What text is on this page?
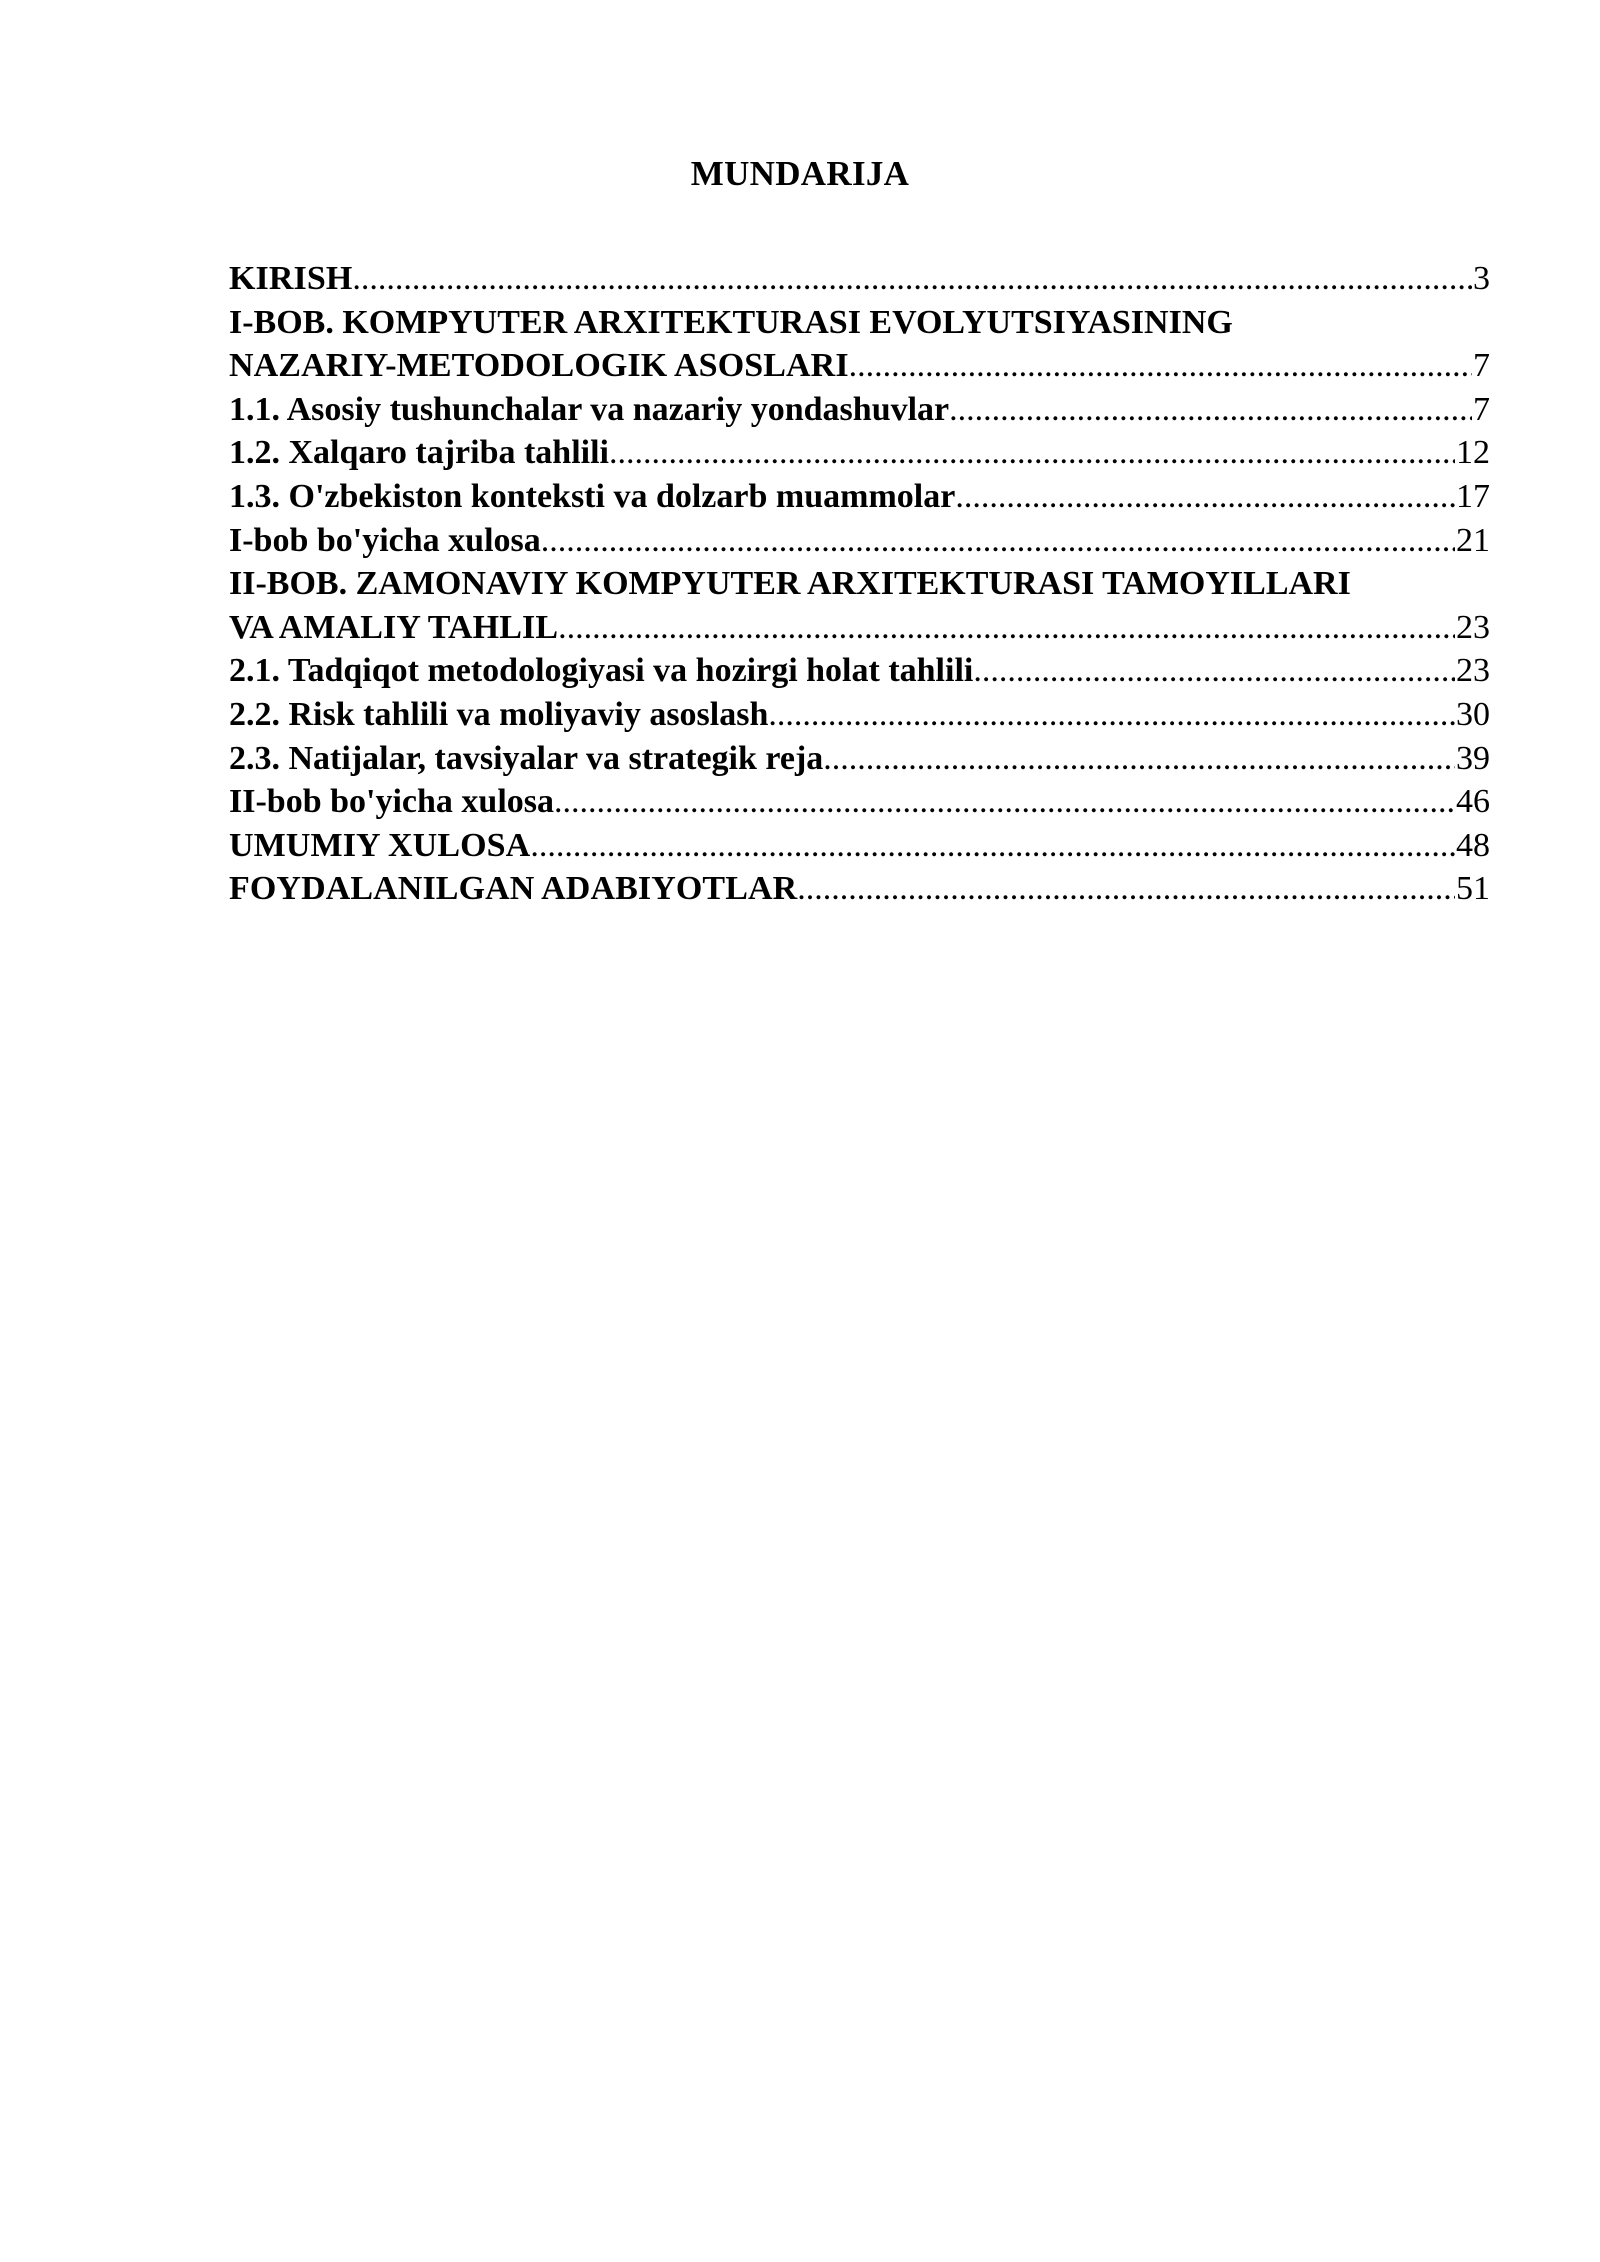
MUNDARIJA
KIRISH .....	3
I-BOB. KOMPYUTER ARXITEKTURASI EVOLYUTSIYASINING
NAZARIY-METODOLOGIK ASOSLARI .....	7
1.1. Asosiy tushunchalar va nazariy yondashuvlar .....	7
1.2. Xalqaro tajriba tahlili .....	12
1.3. O'zbekiston konteksti va dolzarb muammolar .....	17
I-bob bo'yicha xulosa .....	21
II-BOB. ZAMONAVIY KOMPYUTER ARXITEKTURASI TAMOYILLARI
VA AMALIY TAHLIL .....	23
2.1. Tadqiqot metodologiyasi va hozirgi holat tahlili .....	23
2.2. Risk tahlili va moliyaviy asoslash .....	30
2.3. Natijalar, tavsiyalar va strategik reja .....	39
II-bob bo'yicha xulosa .....	46
UMUMIY XULOSA .....	48
FOYDALANILGAN ADABIYOTLAR .....	51
